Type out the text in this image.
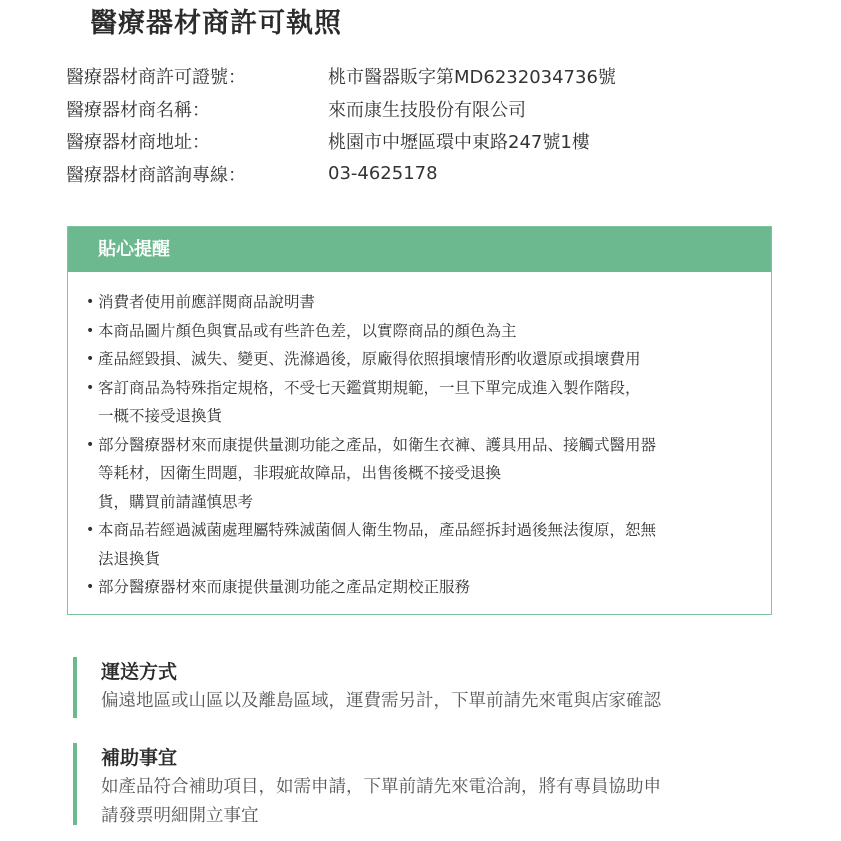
醫療器材商許可執照
醫療器材商許可證號：	桃市醫器販字第MD6232034736號
醫療器材商名稱：	來而康生技股份有限公司
醫療器材商地址：	桃園市中壢區環中東路247號1樓
醫療器材商諮詢專線：	03-4625178
貼心提醒
• 消費者使用前應詳閱商品說明書
• 本商品圖片顏色與實品或有些許色差，以實際商品的顏色為主
• 產品經毀損、滅失、變更、洗滌過後，原廠得依照損壞情形酌收還原或損壞費用
• 客訂商品為特殊指定規格，不受七天鑑賞期規範，一旦下單完成進入製作階段，
一概不接受退換貨
• 部分醫療器材來而康提供量測功能之產品，如衛生衣褲、護具用品、接觸式醫用器
等耗材，因衛生問題，非瑕疵故障品，出售後概不接受退換
貨，購買前請謹慎思考
• 本商品若經過滅菌處理屬特殊滅菌個人衛生物品，產品經拆封過後無法復原，恕無
法退換貨
• 部分醫療器材來而康提供量測功能之產品定期校正服務
運送方式
偏遠地區或山區以及離島區域，運費需另計，下單前請先來電與店家確認
補助事宜
如產品符合補助項目，如需申請，下單前請先來電洽詢，將有專員協助申
請發票明細開立事宜
